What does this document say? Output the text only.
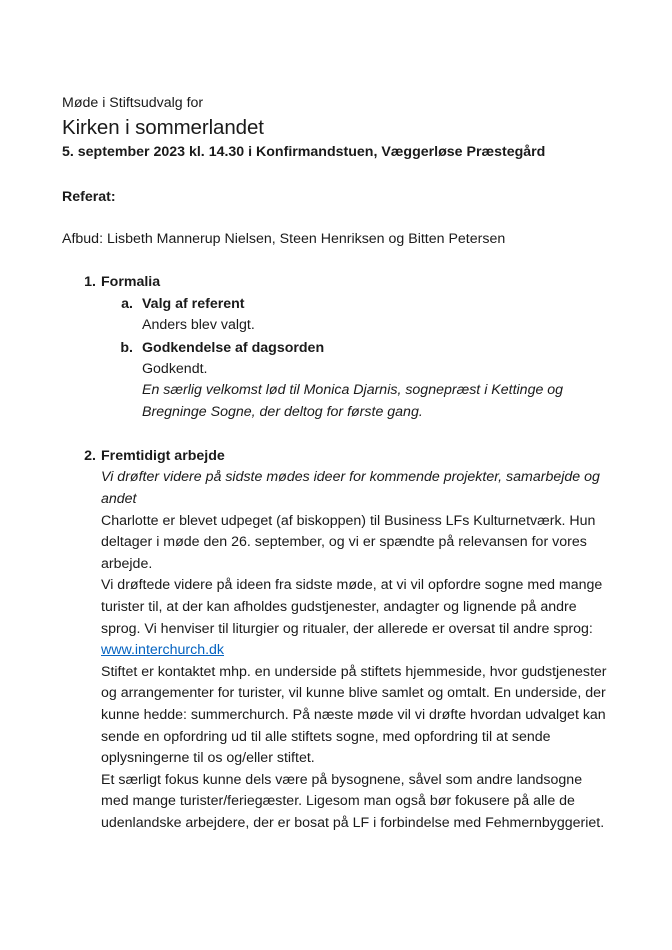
Møde i Stiftsudvalg for

Kirken i sommerlandet

5. september 2023 kl. 14.30 i Konfirmandstuen, Væggerløse Præstegård

Referat:

Afbud: Lisbeth Mannerup Nielsen, Steen Henriksen og Bitten Petersen

1. Formalia

a. Valg af referent

Anders blev valgt.

b. Godkendelse af dagsorden

Godkendt.

En særlig velkomst lød til Monica Djarnis, sognepræst i Kettinge og Bregninge Sogne, der deltog for første gang.

2. Fremtidigt arbejde

Vi drøfter videre på sidste mødes ideer for kommende projekter, samarbejde og andet

Charlotte er blevet udpeget (af biskoppen) til Business LFs Kulturnetværk. Hun deltager i møde den 26. september, og vi er spændte på relevansen for vores arbejde.

Vi drøftede videre på ideen fra sidste møde, at vi vil opfordre sogne med mange turister til, at der kan afholdes gudstjenester, andagter og lignende på andre sprog. Vi henviser til liturgier og ritualer, der allerede er oversat til andre sprog: www.interchurch.dk

Stiftet er kontaktet mhp. en underside på stiftets hjemmeside, hvor gudstjenester og arrangementer for turister, vil kunne blive samlet og omtalt. En underside, der kunne hedde: summerchurch. På næste møde vil vi drøfte hvordan udvalget kan sende en opfordring ud til alle stiftets sogne, med opfordring til at sende oplysningerne til os og/eller stiftet.

Et særligt fokus kunne dels være på bysognene, såvel som andre landsogne med mange turister/feriegæster. Ligesom man også bør fokusere på alle de udenlandske arbejdere, der er bosat på LF i forbindelse med Fehmernbyggeriet.
